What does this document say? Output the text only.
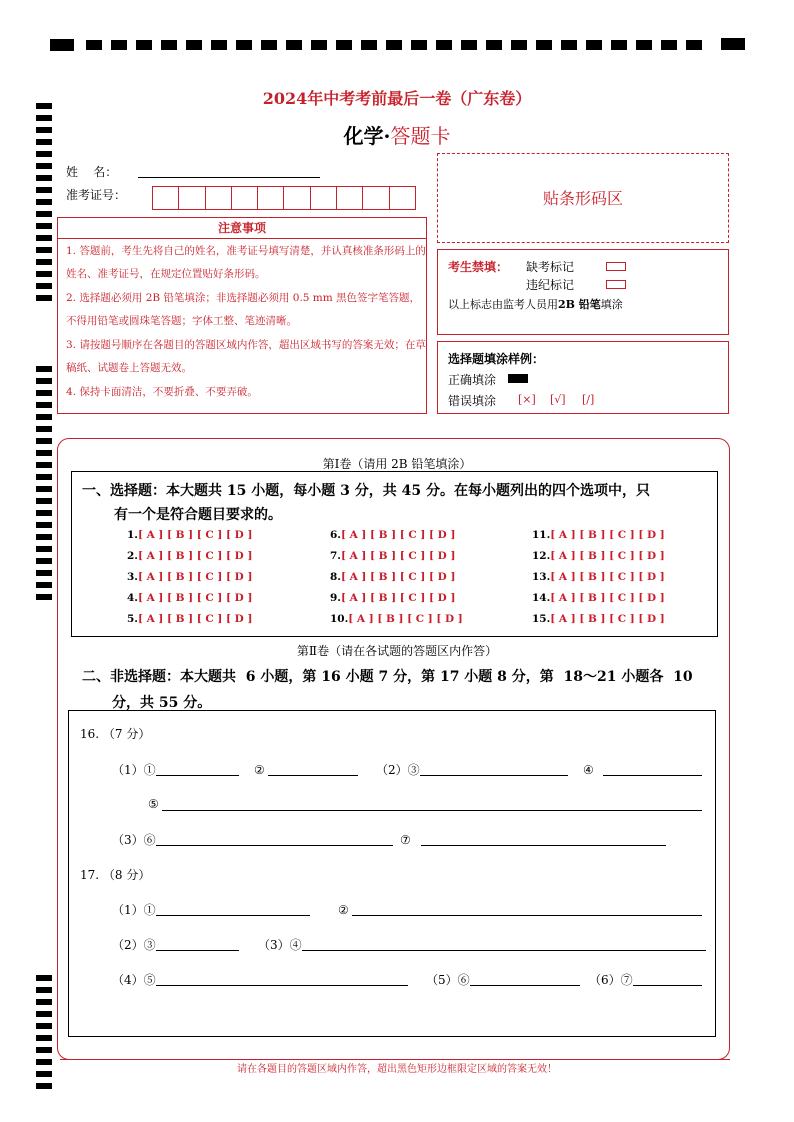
2024年中考考前最后一卷（广东卷）
化学·答题卡
姓    名：
准考证号：	贴条形码区
注意事项
1. 答题前，考生先将自己的姓名，准考证号填写清楚，并认真核准条形码上的姓名、准考证号，在规定位置贴好条形码。
2. 选择题必须用 2B 铅笔填涂；非选择题必须用 0.5 mm 黑色签字笔答题，不得用铅笔或圆珠笔答题；字体工整、笔迹清晰。
3. 请按题号顺序在各题目的答题区域内作答，超出区域书写的答案无效；在草稿纸、试题卷上答题无效。
4. 保持卡面清洁，不要折叠、不要弄破。
考生禁填： 缺考标记
违纪标记
以上标志由监考人员用2B 铅笔填涂
选择题填涂样例：
正确填涂
错误填涂 [×] [√] [/]
第Ⅰ卷（请用 2B 铅笔填涂）
一、选择题：本大题共 15 小题，每小题 3 分，共 45 分。在每小题列出的四个选项中，只
有一个是符合题目要求的。
1.[ A ] [ B ] [ C ] [ D ]
2.[ A ] [ B ] [ C ] [ D ]
3.[ A ] [ B ] [ C ] [ D ]
4.[ A ] [ B ] [ C ] [ D ]
5.[ A ] [ B ] [ C ] [ D ]
6.[ A ] [ B ] [ C ] [ D ]
7.[ A ] [ B ] [ C ] [ D ]
8.[ A ] [ B ] [ C ] [ D ]
9.[ A ] [ B ] [ C ] [ D ]
10.[ A ] [ B ] [ C ] [ D ]
11.[ A ] [ B ] [ C ] [ D ]
12.[ A ] [ B ] [ C ] [ D ]
13.[ A ] [ B ] [ C ] [ D ]
14.[ A ] [ B ] [ C ] [ D ]
15.[ A ] [ B ] [ C ] [ D ]
第Ⅱ卷（请在各试题的答题区内作答）
二、非选择题：本大题共  6 小题，第 16 小题 7 分，第 17 小题 8 分，第  18～21 小题各  10
分，共 55 分。
16. （7 分）
（1）①	②	（2）③	④
⑤
（3）⑥	⑦
17. （8 分）
（1）①	②
（2）③	（3）④
（4）⑤	（5）⑥	（6）⑦
请在各题目的答题区域内作答，超出黑色矩形边框限定区域的答案无效！
